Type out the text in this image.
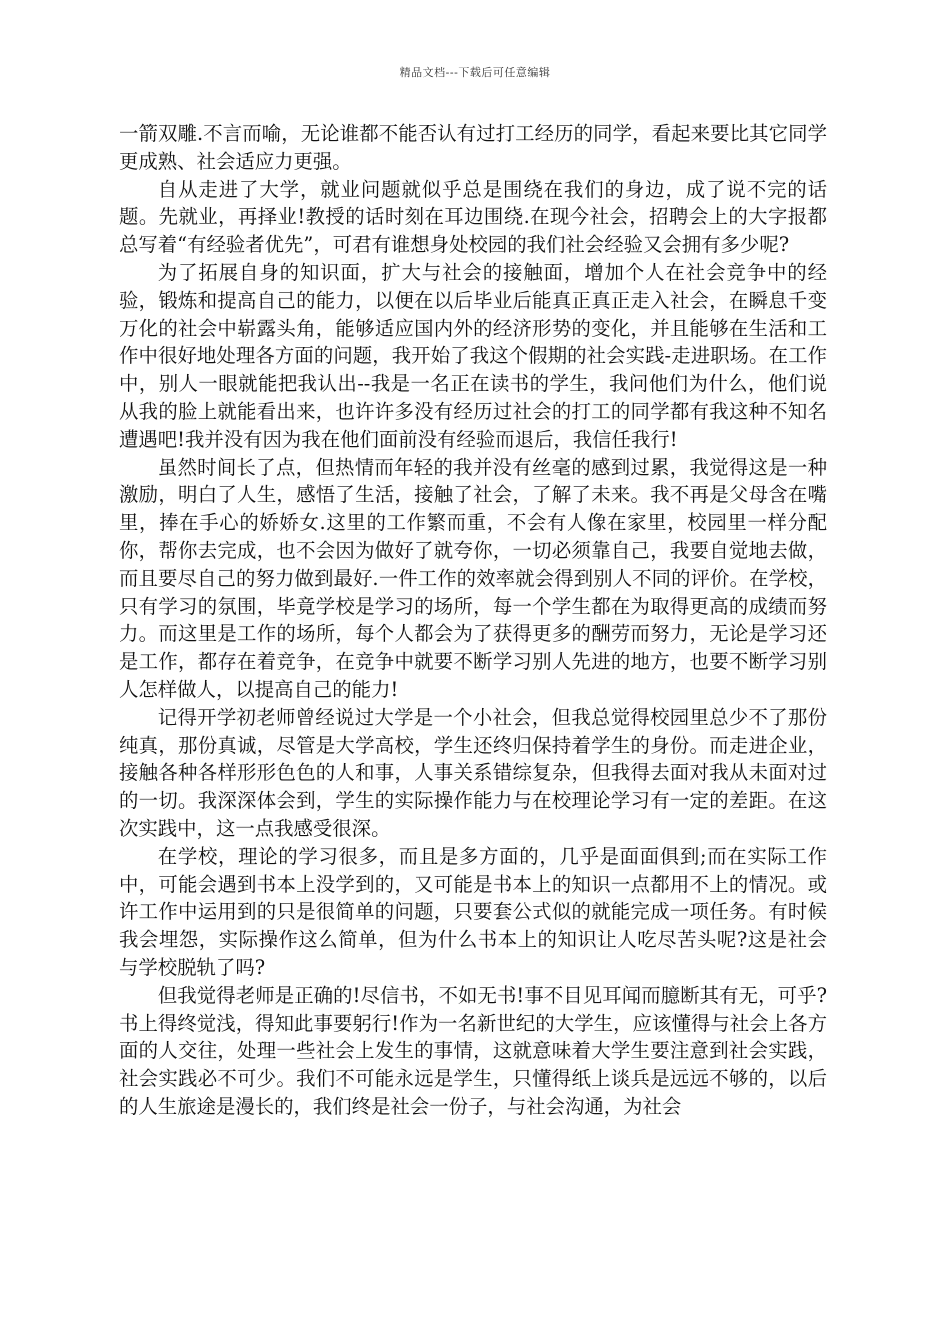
精品文档---下载后可任意编辑

一箭双雕.不言而喻，无论谁都不能否认有过打工经历的同学，看起来要比其它同学更成熟、社会适应力更强。

自从走进了大学，就业问题就似乎总是围绕在我们的身边，成了说不完的话题。先就业，再择业!教授的话时刻在耳边围绕.在现今社会，招聘会上的大字报都总写着“有经验者优先”，可君有谁想身处校园的我们社会经验又会拥有多少呢?

为了拓展自身的知识面，扩大与社会的接触面，增加个人在社会竞争中的经验，锻炼和提高自己的能力，以便在以后毕业后能真正真正走入社会，在瞬息千变万化的社会中崭露头角，能够适应国内外的经济形势的变化，并且能够在生活和工作中很好地处理各方面的问题，我开始了我这个假期的社会实践-走进职场。在工作中，别人一眼就能把我认出--我是一名正在读书的学生，我问他们为什么，他们说从我的脸上就能看出来，也许许多没有经历过社会的打工的同学都有我这种不知名遭遇吧!我并没有因为我在他们面前没有经验而退后，我信任我行!

虽然时间长了点，但热情而年轻的我并没有丝毫的感到过累，我觉得这是一种激励，明白了人生，感悟了生活，接触了社会，了解了未来。我不再是父母含在嘴里，捧在手心的娇娇女.这里的工作繁而重，不会有人像在家里，校园里一样分配你，帮你去完成，也不会因为做好了就夸你，一切必须靠自己，我要自觉地去做，而且要尽自己的努力做到最好.一件工作的效率就会得到别人不同的评价。在学校，只有学习的氛围，毕竟学校是学习的场所，每一个学生都在为取得更高的成绩而努力。而这里是工作的场所，每个人都会为了获得更多的酬劳而努力，无论是学习还是工作，都存在着竞争，在竞争中就要不断学习别人先进的地方，也要不断学习别人怎样做人，以提高自己的能力!

记得开学初老师曾经说过大学是一个小社会，但我总觉得校园里总少不了那份纯真，那份真诚，尽管是大学高校，学生还终归保持着学生的身份。而走进企业，接触各种各样形形色色的人和事，人事关系错综复杂，但我得去面对我从未面对过的一切。我深深体会到，学生的实际操作能力与在校理论学习有一定的差距。在这次实践中，这一点我感受很深。

在学校，理论的学习很多，而且是多方面的，几乎是面面俱到;而在实际工作中，可能会遇到书本上没学到的，又可能是书本上的知识一点都用不上的情况。或许工作中运用到的只是很简单的问题，只要套公式似的就能完成一项任务。有时候我会埋怨，实际操作这么简单，但为什么书本上的知识让人吃尽苦头呢?这是社会与学校脱轨了吗?

但我觉得老师是正确的!尽信书，不如无书!事不目见耳闻而臆断其有无，可乎?书上得终觉浅，得知此事要躬行!作为一名新世纪的大学生，应该懂得与社会上各方面的人交往，处理一些社会上发生的事情，这就意味着大学生要注意到社会实践，社会实践必不可少。我们不可能永远是学生，只懂得纸上谈兵是远远不够的，以后的人生旅途是漫长的，我们终是社会一份子，与社会沟通，为社会
